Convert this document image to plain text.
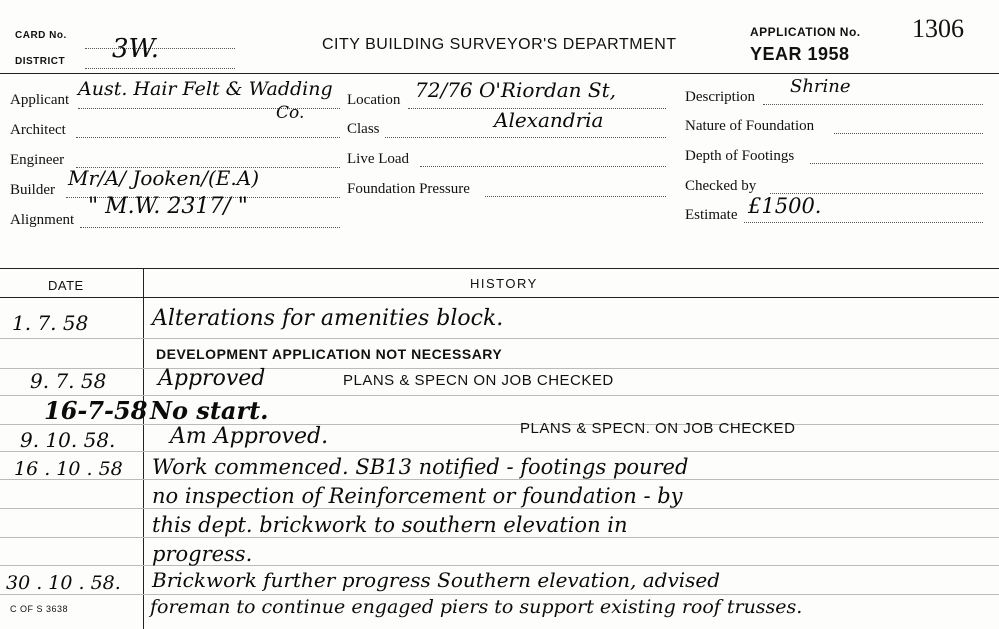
CARD No.
DISTRICT 3W.	CITY BUILDING SURVEYOR'S DEPARTMENT
APPLICATION No. 1306
YEAR 1958
Applicant Aust. Hair Felt & Wadding
Co.
Architect
Engineer
Builder Mr/A/ Jooken/(E.A)
Alignment
" M.W. 2317/ "
Location 72/76 O'Riordan St,
Class	Alexandria
Live Load
Foundation Pressure
Description Shrine
Nature of Foundation
Depth of Footings
Checked by
Estimate £1500.
DATE	HISTORY
1. 7. 58	Alterations for amenities block.
DEVELOPMENT APPLICATION NOT NECESSARY
9. 7. 58 Approved	PLANS & SPECN ON JOB CHECKED
16-7-58 No start.
9. 10. 58. Am Approved.	PLANS & SPECN. ON JOB CHECKED
16 . 10 . 58 Work commenced. SB13 notified - footings poured
no inspection of Reinforcement or foundation - by
this dept. brickwork to southern elevation in
progress.
30 . 10 . 58. Brickwork further progress Southern elevation, advised
foreman to continue engaged piers to support existing roof trusses.
C OF S 3638
